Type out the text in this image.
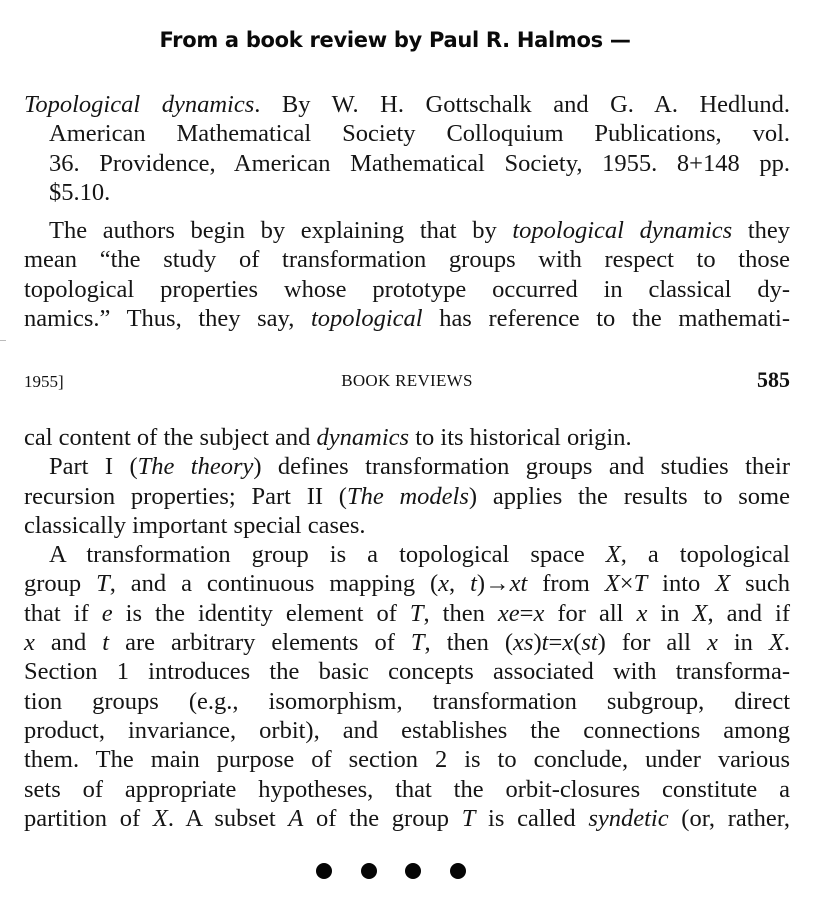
From a book review by Paul R. Halmos —
Topological dynamics. By W. H. Gottschalk and G. A. Hedlund.
American Mathematical Society Colloquium Publications, vol.
36. Providence, American Mathematical Society, 1955. 8+148 pp.
$5.10.
The authors begin by explaining that by topological dynamics they
mean “the study of transformation groups with respect to those
topological properties whose prototype occurred in classical dy-
namics.” Thus, they say, topological has reference to the mathemati-
1955]	BOOK REVIEWS	585
cal content of the subject and dynamics to its historical origin.
Part I (The theory) defines transformation groups and studies their
recursion properties; Part II (The models) applies the results to some
classically important special cases.
A transformation group is a topological space X, a topological
group T, and a continuous mapping (x, t)→xt from X×T into X such
that if e is the identity element of T, then xe=x for all x in X, and if
x and t are arbitrary elements of T, then (xs)t=x(st) for all x in X.
Section 1 introduces the basic concepts associated with transforma-
tion groups (e.g., isomorphism, transformation subgroup, direct
product, invariance, orbit), and establishes the connections among
them. The main purpose of section 2 is to conclude, under various
sets of appropriate hypotheses, that the orbit-closures constitute a
partition of X. A subset A of the group T is called syndetic (or, rather,
